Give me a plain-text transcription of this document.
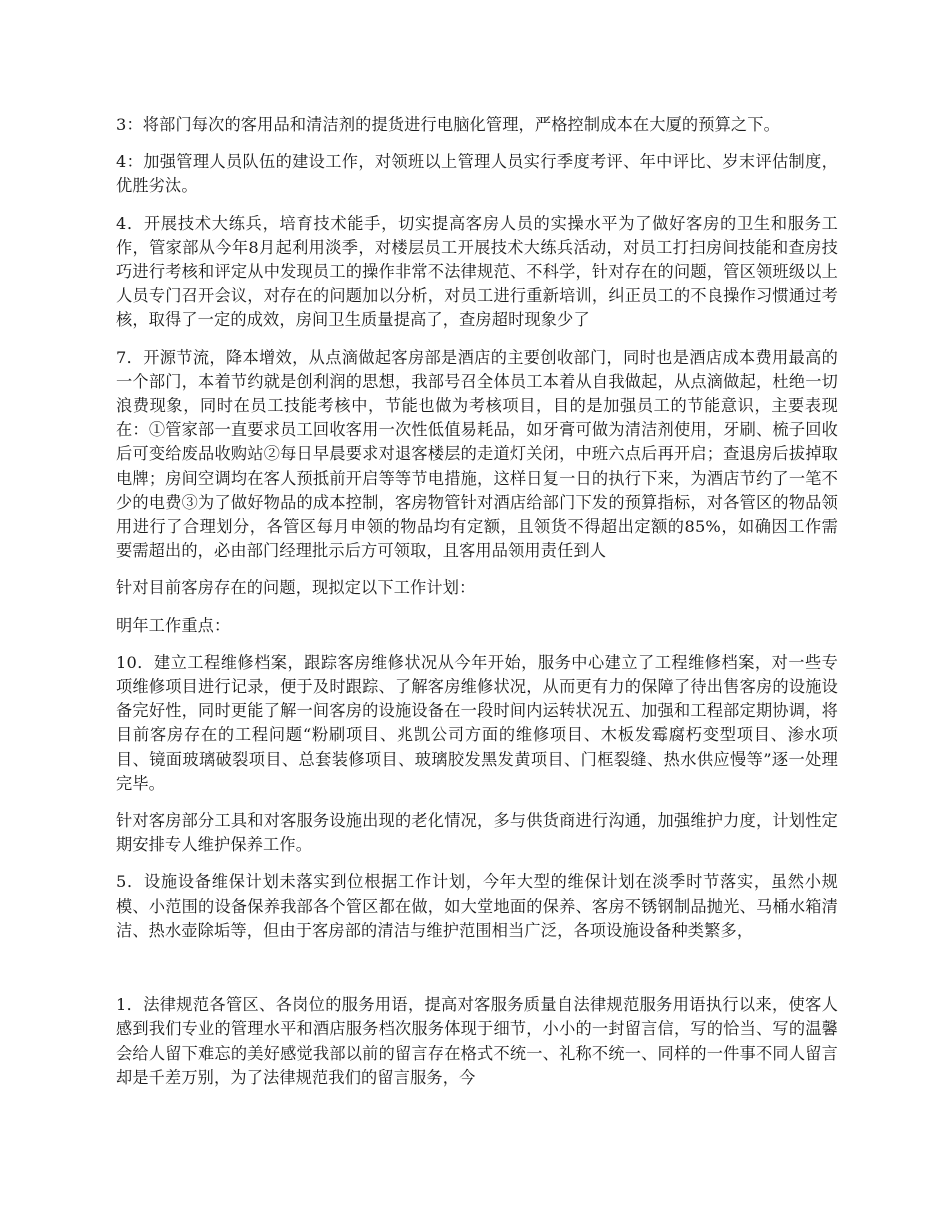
3：将部门每次的客用品和清洁剂的提货进行电脑化管理，严格控制成本在大厦的预算之下。

4：加强管理人员队伍的建设工作，对领班以上管理人员实行季度考评、年中评比、岁末评估制度，优胜劣汰。

4．开展技术大练兵，培育技术能手，切实提高客房人员的实操水平为了做好客房的卫生和服务工作，管家部从今年8月起利用淡季，对楼层员工开展技术大练兵活动，对员工打扫房间技能和查房技巧进行考核和评定从中发现员工的操作非常不法律规范、不科学，针对存在的问题，管区领班级以上人员专门召开会议，对存在的问题加以分析，对员工进行重新培训，纠正员工的不良操作习惯通过考核，取得了一定的成效，房间卫生质量提高了，查房超时现象少了

7．开源节流，降本增效，从点滴做起客房部是酒店的主要创收部门，同时也是酒店成本费用最高的一个部门，本着节约就是创利润的思想，我部号召全体员工本着从自我做起，从点滴做起，杜绝一切浪费现象，同时在员工技能考核中，节能也做为考核项目，目的是加强员工的节能意识，主要表现在：①管家部一直要求员工回收客用一次性低值易耗品，如牙膏可做为清洁剂使用，牙刷、梳子回收后可变给废品收购站②每日早晨要求对退客楼层的走道灯关闭，中班六点后再开启；查退房后拔掉取电牌；房间空调均在客人预抵前开启等等节电措施，这样日复一日的执行下来，为酒店节约了一笔不少的电费③为了做好物品的成本控制，客房物管针对酒店给部门下发的预算指标，对各管区的物品领用进行了合理划分，各管区每月申领的物品均有定额，且领货不得超出定额的85%，如确因工作需要需超出的，必由部门经理批示后方可领取，且客用品领用责任到人

针对目前客房存在的问题，现拟定以下工作计划：

明年工作重点：

10．建立工程维修档案，跟踪客房维修状况从今年开始，服务中心建立了工程维修档案，对一些专项维修项目进行记录，便于及时跟踪、了解客房维修状况，从而更有力的保障了待出售客房的设施设备完好性，同时更能了解一间客房的设施设备在一段时间内运转状况五、加强和工程部定期协调，将目前客房存在的工程问题“粉刷项目、兆凯公司方面的维修项目、木板发霉腐朽变型项目、渗水项目、镜面玻璃破裂项目、总套装修项目、玻璃胶发黑发黄项目、门框裂缝、热水供应慢等”逐一处理完毕。

针对客房部分工具和对客服务设施出现的老化情况，多与供货商进行沟通，加强维护力度，计划性定期安排专人维护保养工作。

5．设施设备维保计划未落实到位根据工作计划，今年大型的维保计划在淡季时节落实，虽然小规模、小范围的设备保养我部各个管区都在做，如大堂地面的保养、客房不锈钢制品抛光、马桶水箱清洁、热水壶除垢等，但由于客房部的清洁与维护范围相当广泛，各项设施设备种类繁多，

1．法律规范各管区、各岗位的服务用语，提高对客服务质量自法律规范服务用语执行以来，使客人感到我们专业的管理水平和酒店服务档次服务体现于细节，小小的一封留言信，写的恰当、写的温馨会给人留下难忘的美好感觉我部以前的留言存在格式不统一、礼称不统一、同样的一件事不同人留言却是千差万别，为了法律规范我们的留言服务，今
